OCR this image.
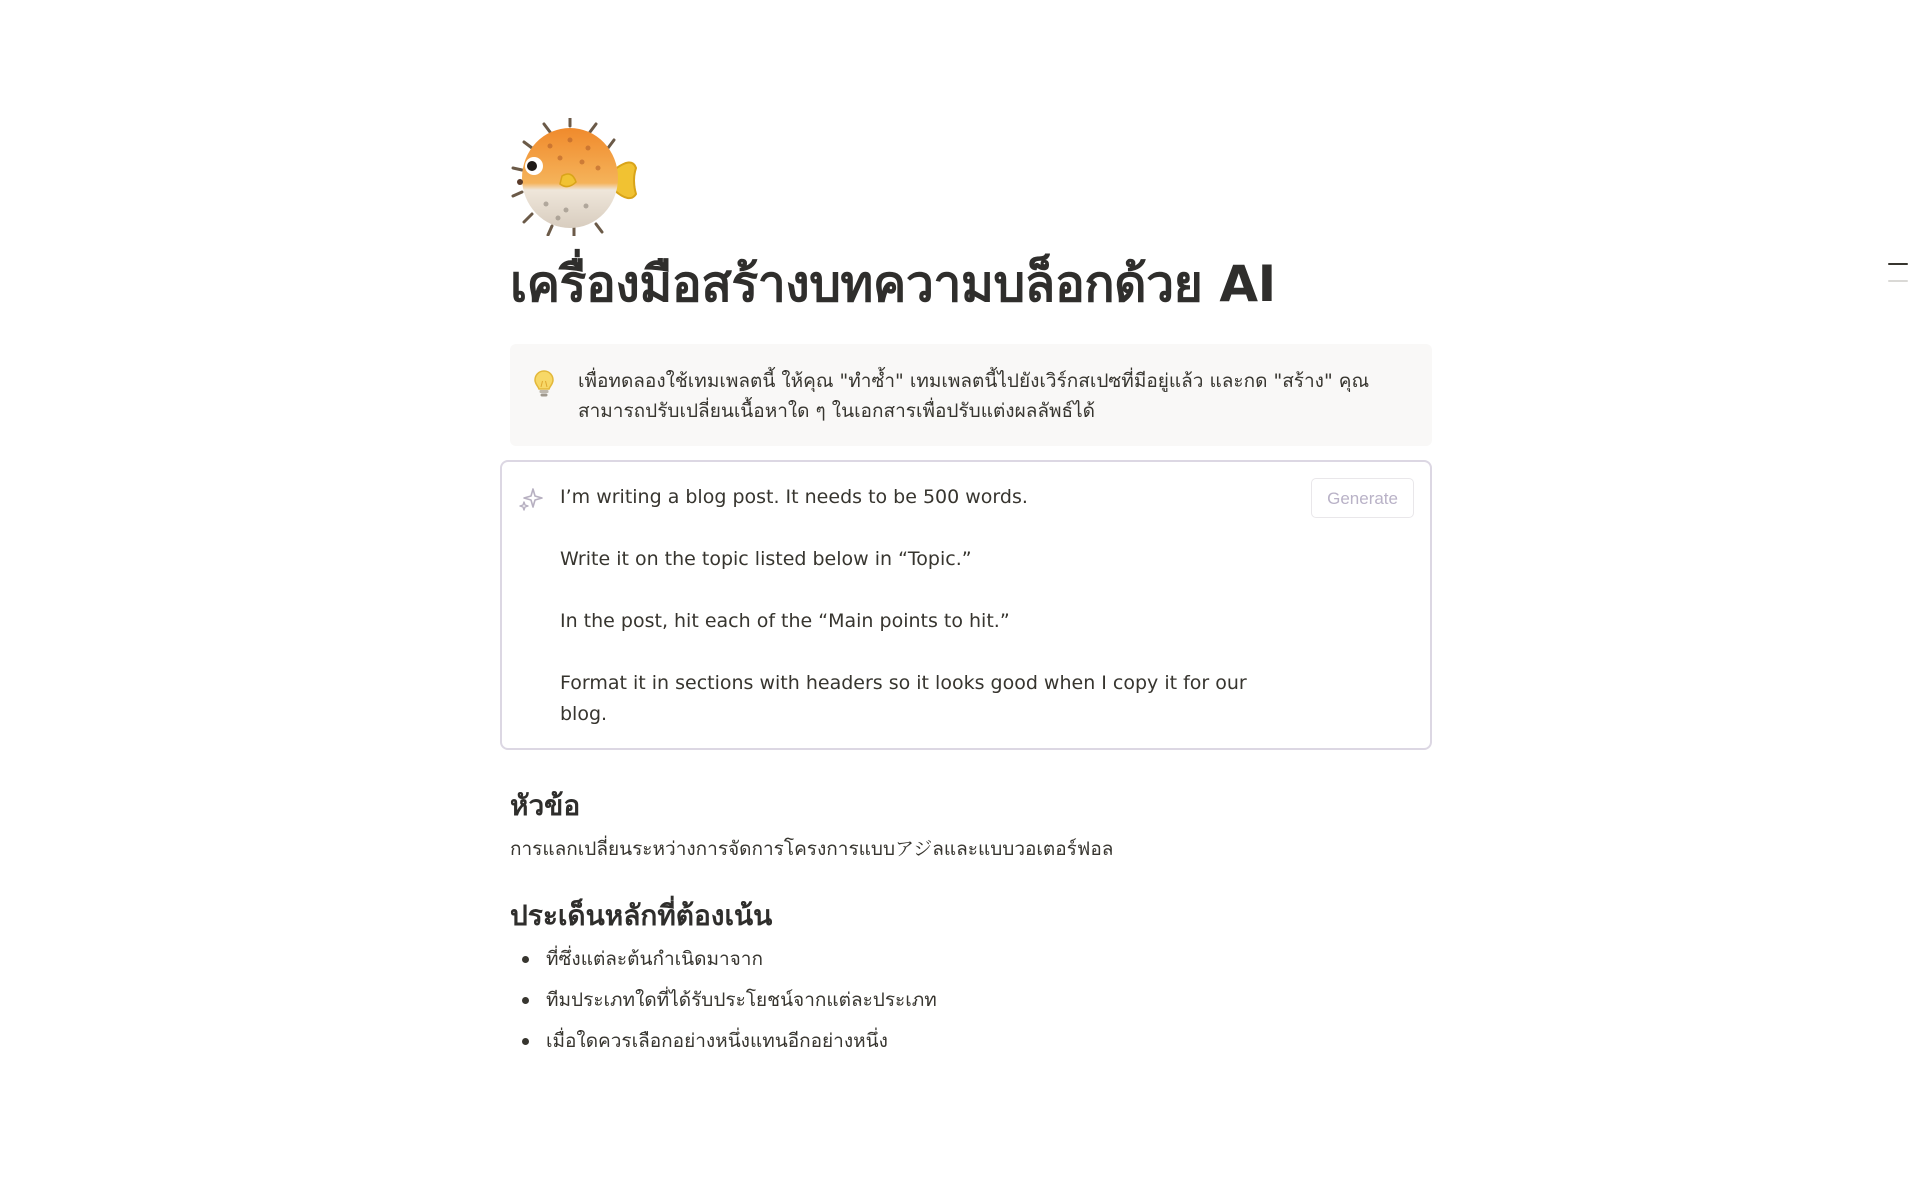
เครื่องมือสร้างบทความบล็อกด้วย AI
เพื่อทดลองใช้เทมเพลตนี้ ให้คุณ "ทำซ้ำ" เทมเพลตนี้ไปยังเวิร์กสเปซที่มีอยู่แล้ว และกด "สร้าง" คุณสามารถปรับเปลี่ยนเนื้อหาใด ๆ ในเอกสารเพื่อปรับแต่งผลลัพธ์ได้
Generate

I’m writing a blog post. It needs to be 500 words.

Write it on the topic listed below in “Topic.”

In the post, hit each of the “Main points to hit.”

Format it in sections with headers so it looks good when I copy it for our blog.

หัวข้อ
การแลกเปลี่ยนระหว่างการจัดการโครงการแบบアジลและแบบวอเตอร์ฟอล
ประเด็นหลักที่ต้องเน้น
ที่ซึ่งแต่ละต้นกำเนิดมาจาก
ทีมประเภทใดที่ได้รับประโยชน์จากแต่ละประเภท
เมื่อใดควรเลือกอย่างหนึ่งแทนอีกอย่างหนึ่ง
